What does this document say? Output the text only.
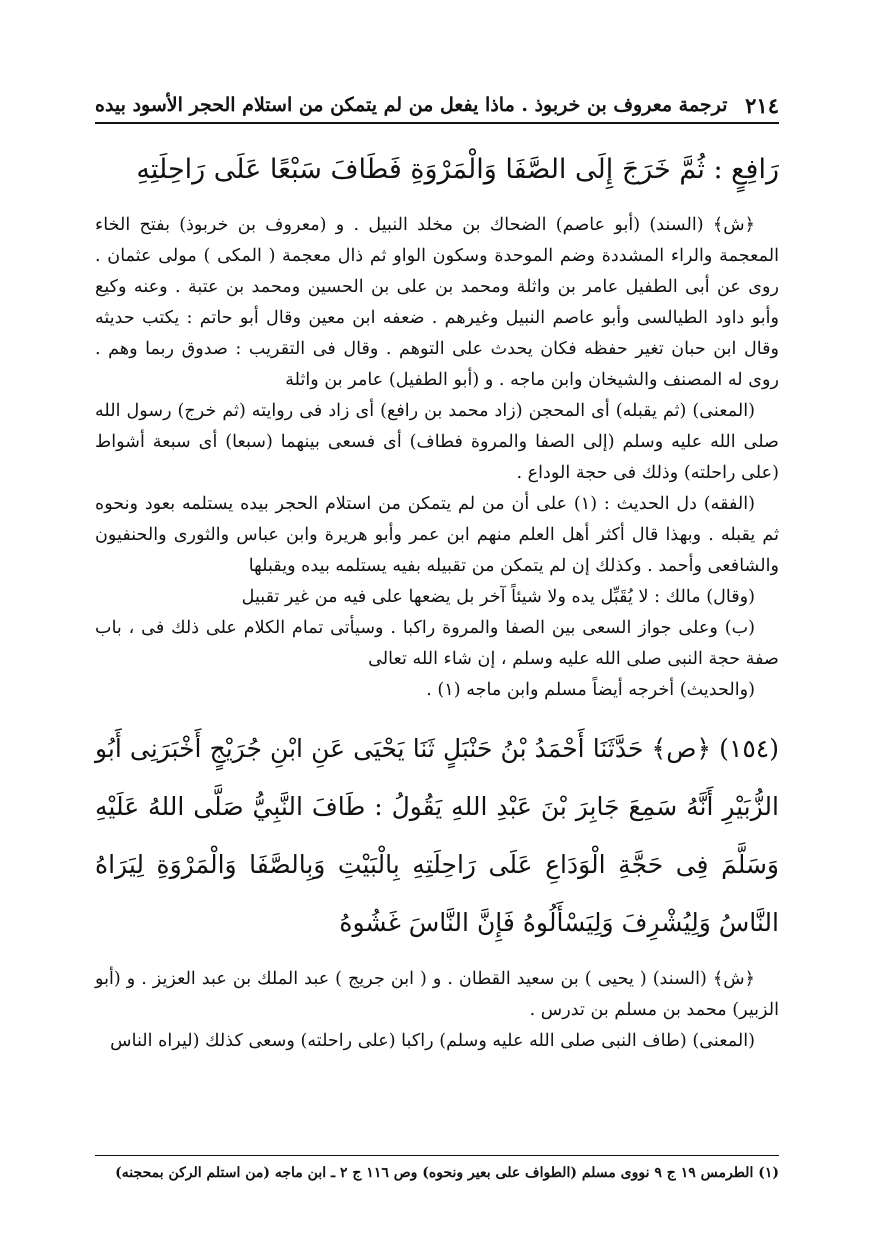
٢١٤
ترجمة معروف بن خربوذ . ماذا يفعل من لم يتمكن من استلام الحجر الأسود بيده

رَافِعٍ : ثُمَّ خَرَجَ إِلَى الصَّفَا وَالْمَرْوَةِ فَطَافَ سَبْعًا عَلَى رَاحِلَتِهِ

﴿ش﴾ (السند) (أبو عاصم) الضحاك بن مخلد النبيل . و (معروف بن خربوذ) بفتح الخاء المعجمة والراء المشددة وضم الموحدة وسكون الواو ثم ذال معجمة ( المكى ) مولى عثمان . روى عن أبى الطفيل عامر بن واثلة ومحمد بن على بن الحسين ومحمد بن عتبة . وعنه وكيع وأبو داود الطيالسى وأبو عاصم النبيل وغيرهم . ضعفه ابن معين وقال أبو حاتم : يكتب حديثه وقال ابن حبان تغير حفظه فكان يحدث على التوهم . وقال فى التقريب : صدوق ربما وهم . روى له المصنف والشيخان وابن ماجه . و (أبو الطفيل) عامر بن واثلة

(المعنى) (ثم يقبله) أى المحجن (زاد محمد بن رافع) أى زاد فى روايته (ثم خرج) رسول الله صلى الله عليه وسلم (إلى الصفا والمروة فطاف) أى فسعى بينهما (سبعا) أى سبعة أشواط (على راحلته) وذلك فى حجة الوداع .

(الفقه) دل الحديث : (١) على أن من لم يتمكن من استلام الحجر بيده يستلمه بعود ونحوه ثم يقبله . وبهذا قال أكثر أهل العلم منهم ابن عمر وأبو هريرة وابن عباس والثورى والحنفيون والشافعى وأحمد . وكذلك إن لم يتمكن من تقبيله بفيه يستلمه بيده ويقبلها

(وقال) مالك : لا يُقَبِّل يده ولا شيئاً آخر بل يضعها على فيه من غير تقبيل

(ب) وعلى جواز السعى بين الصفا والمروة راكبا . وسيأتى تمام الكلام على ذلك فى ، باب صفة حجة النبى صلى الله عليه وسلم ، إن شاء الله تعالى

(والحديث) أخرجه أيضاً مسلم وابن ماجه (١) .

(١٥٤) ﴿ص﴾ حَدَّثَنَا أَحْمَدُ بْنُ حَنْبَلٍ ثَنَا يَحْيَى عَنِ ابْنِ جُرَيْجٍ أَخْبَرَنِى أَبُو الزُّبَيْرِ أَنَّهُ سَمِعَ جَابِرَ بْنَ عَبْدِ اللهِ يَقُولُ : طَافَ النَّبِيُّ صَلَّى اللهُ عَلَيْهِ وَسَلَّمَ فِى حَجَّةِ الْوَدَاعِ عَلَى رَاحِلَتِهِ بِالْبَيْتِ وَبِالصَّفَا وَالْمَرْوَةِ لِيَرَاهُ النَّاسُ وَلِيُشْرِفَ وَلِيَسْأَلُوهُ فَإِنَّ النَّاسَ غَشُوهُ

﴿ش﴾ (السند) ( يحيى ) بن سعيد القطان . و ( ابن جريج ) عبد الملك بن عبد العزيز . و (أبو الزبير) محمد بن مسلم بن تدرس .

(المعنى) (طاف النبى صلى الله عليه وسلم) راكبا (على راحلته) وسعى كذلك (ليراه الناس

(١) الطرمس ١٩ ج ٩ نووى مسلم (الطواف على بعير ونحوه) وص ١١٦ ج ٢ ـ ابن ماجه (من استلم الركن بمحجنه)
